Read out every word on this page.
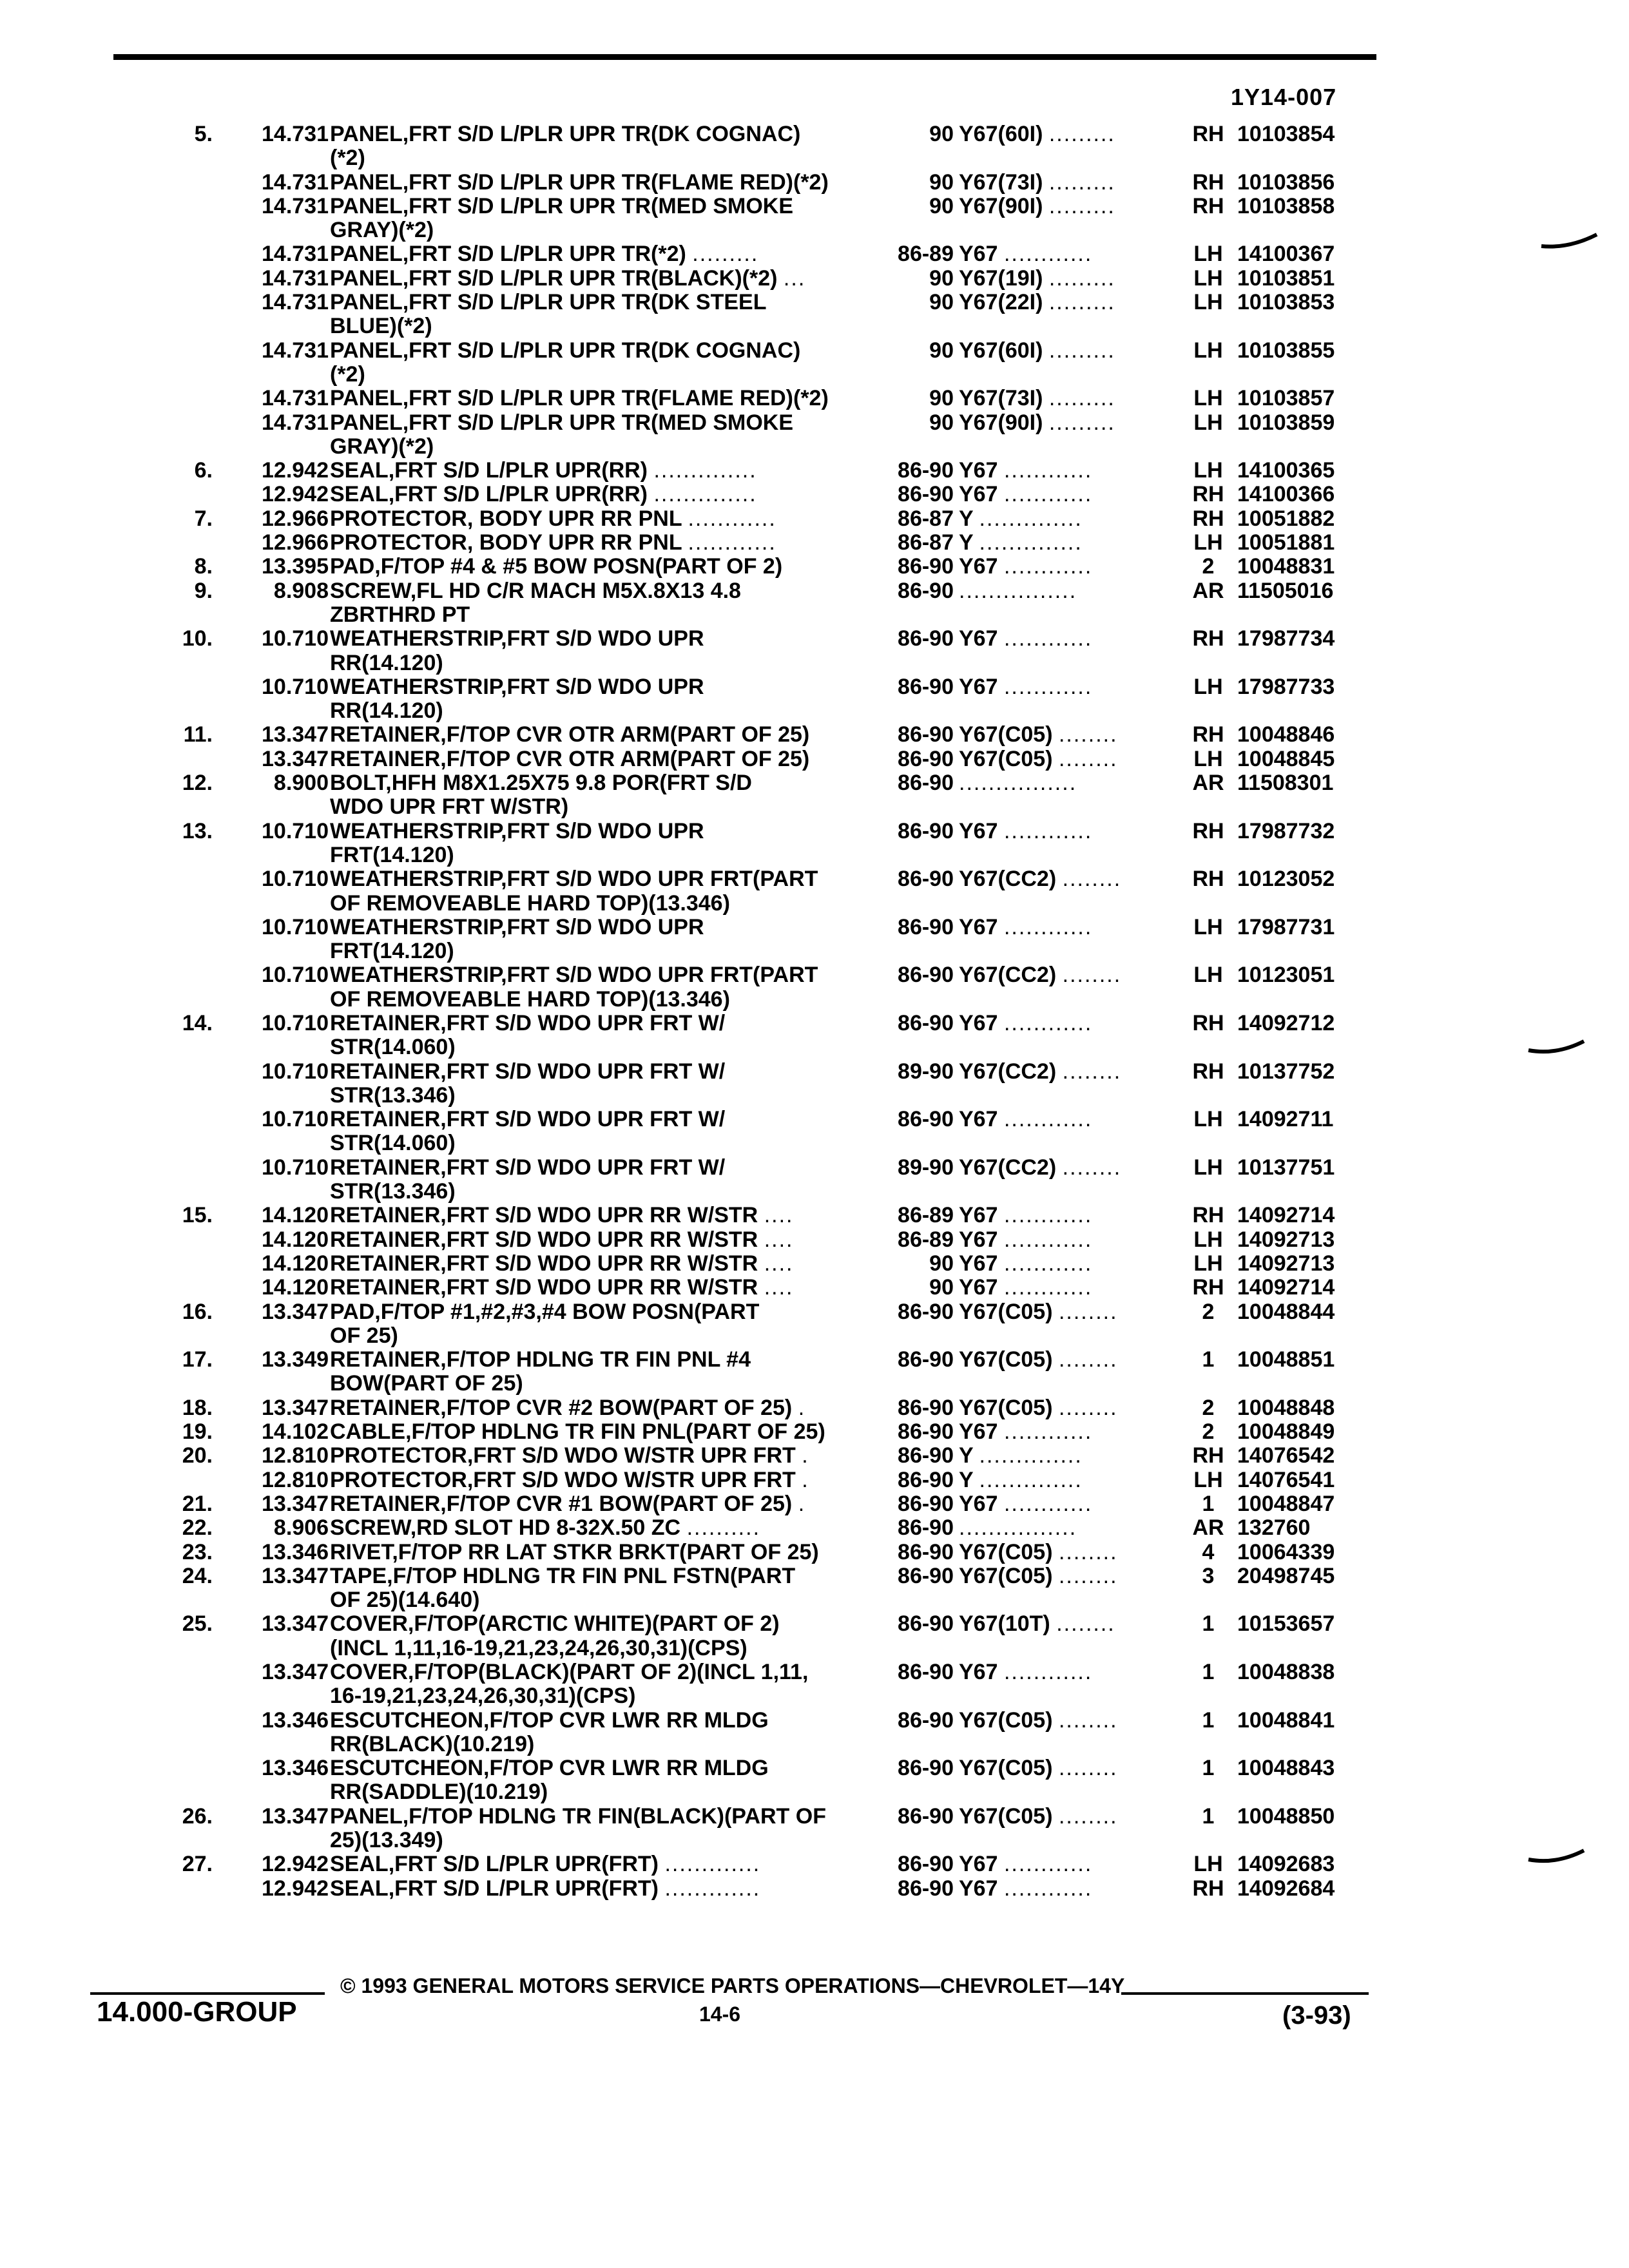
1Y14-007
5.	14.731 PANEL,FRT S/D L/PLR UPR TR(DK COGNAC)	90 Y67(60I) .........	RH 10103854
(*2)
14.731 PANEL,FRT S/D L/PLR UPR TR(FLAME RED)(*2)	90 Y67(73I) .........	RH 10103856
14.731 PANEL,FRT S/D L/PLR UPR TR(MED SMOKE	90 Y67(90I) .........	RH 10103858
GRAY)(*2)
14.731 PANEL,FRT S/D L/PLR UPR TR(*2) .........	86-89 Y67 ............	LH 14100367
14.731 PANEL,FRT S/D L/PLR UPR TR(BLACK)(*2) ...	90 Y67(19I) .........	LH 10103851
14.731 PANEL,FRT S/D L/PLR UPR TR(DK STEEL	90 Y67(22I) .........	LH 10103853
BLUE)(*2)
14.731 PANEL,FRT S/D L/PLR UPR TR(DK COGNAC)	90 Y67(60I) .........	LH 10103855
(*2)
14.731 PANEL,FRT S/D L/PLR UPR TR(FLAME RED)(*2)	90 Y67(73I) .........	LH 10103857
14.731 PANEL,FRT S/D L/PLR UPR TR(MED SMOKE	90 Y67(90I) .........	LH 10103859
GRAY)(*2)
6.	12.942 SEAL,FRT S/D L/PLR UPR(RR) ..............	86-90 Y67 ............	LH 14100365
12.942 SEAL,FRT S/D L/PLR UPR(RR) ..............	86-90 Y67 ............	RH 14100366
7.	12.966 PROTECTOR, BODY UPR RR PNL ............	86-87 Y ..............	RH 10051882
12.966 PROTECTOR, BODY UPR RR PNL ............	86-87 Y ..............	LH 10051881
8.	13.395 PAD,F/TOP #4 & #5 BOW POSN(PART OF 2)	86-90 Y67 ............	2	10048831
9.	8.908 SCREW,FL HD C/R MACH M5X.8X13 4.8	86-90 ................	AR 11505016
ZBRTHRD PT
10.	10.710 WEATHERSTRIP,FRT S/D WDO UPR	86-90 Y67 ............	RH 17987734
RR(14.120)
10.710 WEATHERSTRIP,FRT S/D WDO UPR	86-90 Y67 ............	LH 17987733
RR(14.120)
11.	13.347 RETAINER,F/TOP CVR OTR ARM(PART OF 25)	86-90 Y67(C05) ........	RH 10048846
13.347 RETAINER,F/TOP CVR OTR ARM(PART OF 25)	86-90 Y67(C05) ........	LH 10048845
12.	8.900 BOLT,HFH M8X1.25X75 9.8 POR(FRT S/D	86-90 ................	AR 11508301
WDO UPR FRT W/STR)
13.	10.710 WEATHERSTRIP,FRT S/D WDO UPR	86-90 Y67 ............	RH 17987732
FRT(14.120)
10.710 WEATHERSTRIP,FRT S/D WDO UPR FRT(PART	86-90 Y67(CC2) ........	RH 10123052
OF REMOVEABLE HARD TOP)(13.346)
10.710 WEATHERSTRIP,FRT S/D WDO UPR	86-90 Y67 ............	LH 17987731
FRT(14.120)
10.710 WEATHERSTRIP,FRT S/D WDO UPR FRT(PART	86-90 Y67(CC2) ........	LH 10123051
OF REMOVEABLE HARD TOP)(13.346)
14.	10.710 RETAINER,FRT S/D WDO UPR FRT W/	86-90 Y67 ............	RH 14092712
STR(14.060)
10.710 RETAINER,FRT S/D WDO UPR FRT W/	89-90 Y67(CC2) ........	RH 10137752
STR(13.346)
10.710 RETAINER,FRT S/D WDO UPR FRT W/	86-90 Y67 ............	LH 14092711
STR(14.060)
10.710 RETAINER,FRT S/D WDO UPR FRT W/	89-90 Y67(CC2) ........	LH 10137751
STR(13.346)
15.	14.120 RETAINER,FRT S/D WDO UPR RR W/STR ....	86-89 Y67 ............	RH 14092714
14.120 RETAINER,FRT S/D WDO UPR RR W/STR ....	86-89 Y67 ............	LH 14092713
14.120 RETAINER,FRT S/D WDO UPR RR W/STR ....	90 Y67 ............	LH 14092713
14.120 RETAINER,FRT S/D WDO UPR RR W/STR ....	90 Y67 ............	RH 14092714
16.	13.347 PAD,F/TOP #1,#2,#3,#4 BOW POSN(PART	86-90 Y67(C05) ........	2	10048844
OF 25)
17.	13.349 RETAINER,F/TOP HDLNG TR FIN PNL #4	86-90 Y67(C05) ........	1	10048851
BOW(PART OF 25)
18.	13.347 RETAINER,F/TOP CVR #2 BOW(PART OF 25) .	86-90 Y67(C05) ........	2	10048848
19.	14.102 CABLE,F/TOP HDLNG TR FIN PNL(PART OF 25)	86-90 Y67 ............	2	10048849
20.	12.810 PROTECTOR,FRT S/D WDO W/STR UPR FRT .	86-90 Y ..............	RH 14076542
12.810 PROTECTOR,FRT S/D WDO W/STR UPR FRT .	86-90 Y ..............	LH 14076541
21.	13.347 RETAINER,F/TOP CVR #1 BOW(PART OF 25) .	86-90 Y67 ............	1	10048847
22.	8.906 SCREW,RD SLOT HD 8-32X.50 ZC ..........	86-90 ................	AR 132760
23.	13.346 RIVET,F/TOP RR LAT STKR BRKT(PART OF 25)	86-90 Y67(C05) ........	4	10064339
24.	13.347 TAPE,F/TOP HDLNG TR FIN PNL FSTN(PART	86-90 Y67(C05) ........	3	20498745
OF 25)(14.640)
25.	13.347 COVER,F/TOP(ARCTIC WHITE)(PART OF 2)	86-90 Y67(10T) ........	1	10153657
(INCL 1,11,16-19,21,23,24,26,30,31)(CPS)
13.347 COVER,F/TOP(BLACK)(PART OF 2)(INCL 1,11,	86-90 Y67 ............	1	10048838
16-19,21,23,24,26,30,31)(CPS)
13.346 ESCUTCHEON,F/TOP CVR LWR RR MLDG	86-90 Y67(C05) ........	1	10048841
RR(BLACK)(10.219)
13.346 ESCUTCHEON,F/TOP CVR LWR RR MLDG	86-90 Y67(C05) ........	1	10048843
RR(SADDLE)(10.219)
26.	13.347 PANEL,F/TOP HDLNG TR FIN(BLACK)(PART OF	86-90 Y67(C05) ........	1	10048850
25)(13.349)
27.	12.942 SEAL,FRT S/D L/PLR UPR(FRT) .............	86-90 Y67 ............	LH 14092683
12.942 SEAL,FRT S/D L/PLR UPR(FRT) .............	86-90 Y67 ............	RH 14092684
14.000-GROUP
© 1993 GENERAL MOTORS SERVICE PARTS OPERATIONS—CHEVROLET—14Y
14-6	(3-93)
